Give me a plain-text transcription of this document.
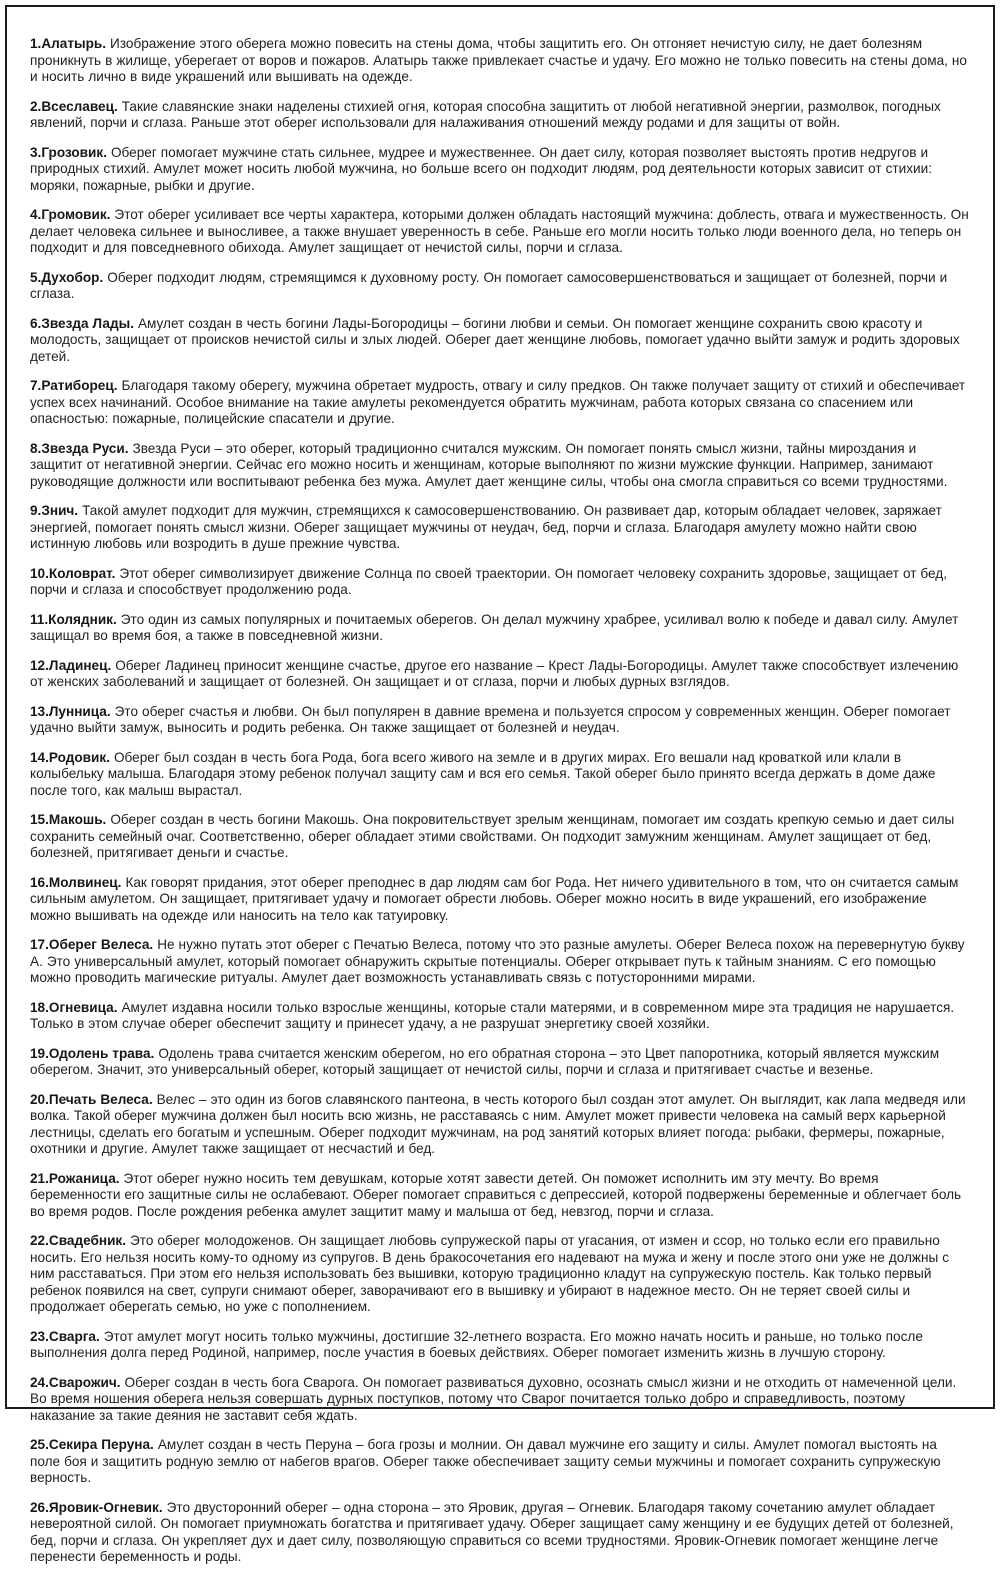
1.Алатырь. Изображение этого оберега можно повесить на стены дома, чтобы защитить его. Он отгоняет нечистую силу, не дает болезням проникнуть в жилище, уберегает от воров и пожаров. Алатырь также привлекает счастье и удачу. Его можно не только повесить на стены дома, но и носить лично в виде украшений или вышивать на одежде.

2.Всеславец. Такие славянские знаки наделены стихией огня, которая способна защитить от любой негативной энергии, размолвок, погодных явлений, порчи и сглаза. Раньше этот оберег использовали для налаживания отношений между родами и для защиты от войн.

3.Грозовик. Оберег помогает мужчине стать сильнее, мудрее и мужественнее. Он дает силу, которая позволяет выстоять против недругов и природных стихий. Амулет может носить любой мужчина, но больше всего он подходит людям, род деятельности которых зависит от стихии: моряки, пожарные, рыбки и другие.

4.Громовик. Этот оберег усиливает все черты характера, которыми должен обладать настоящий мужчина: доблесть, отвага и мужественность. Он делает человека сильнее и выносливее, а также внушает уверенность в себе. Раньше его могли носить только люди военного дела, но теперь он подходит и для повседневного обихода. Амулет защищает от нечистой силы, порчи и сглаза.

5.Духобор. Оберег подходит людям, стремящимся к духовному росту. Он помогает самосовершенствоваться и защищает от болезней, порчи и сглаза.

6.Звезда Лады. Амулет создан в честь богини Лады-Богородицы – богини любви и семьи. Он помогает женщине сохранить свою красоту и молодость, защищает от происков нечистой силы и злых людей. Оберег дает женщине любовь, помогает удачно выйти замуж и родить здоровых детей.

7.Ратиборец. Благодаря такому оберегу, мужчина обретает мудрость, отвагу и силу предков. Он также получает защиту от стихий и обеспечивает успех всех начинаний. Особое внимание на такие амулеты рекомендуется обратить мужчинам, работа которых связана со спасением или опасностью: пожарные, полицейские спасатели и другие.

8.Звезда Руси. Звезда Руси – это оберег, который традиционно считался мужским. Он помогает понять смысл жизни, тайны мироздания и защитит от негативной энергии. Сейчас его можно носить и женщинам, которые выполняют по жизни мужские функции. Например, занимают руководящие должности или воспитывают ребенка без мужа. Амулет дает женщине силы, чтобы она смогла справиться со всеми трудностями.

9.Знич. Такой амулет подходит для мужчин, стремящихся к самосовершенствованию. Он развивает дар, которым обладает человек, заряжает энергией, помогает понять смысл жизни. Оберег защищает мужчины от неудач, бед, порчи и сглаза. Благодаря амулету можно найти свою истинную любовь или возродить в душе прежние чувства.

10.Коловрат. Этот оберег символизирует движение Солнца по своей траектории. Он помогает человеку сохранить здоровье, защищает от бед, порчи и сглаза и способствует продолжению рода.

11.Колядник. Это один из самых популярных и почитаемых оберегов. Он делал мужчину храбрее, усиливал волю к победе и давал силу. Амулет защищал во время боя, а также в повседневной жизни.

12.Ладинец. Оберег Ладинец приносит женщине счастье, другое его название – Крест Лады-Богородицы. Амулет также способствует излечению от женских заболеваний и защищает от болезней. Он защищает и от сглаза, порчи и любых дурных взглядов.

13.Лунница. Это оберег счастья и любви. Он был популярен в давние времена и пользуется спросом у современных женщин. Оберег помогает удачно выйти замуж, выносить и родить ребенка. Он также защищает от болезней и неудач.

14.Родовик. Оберег был создан в честь бога Рода, бога всего живого на земле и в других мирах. Его вешали над кроваткой или клали в колыбельку малыша. Благодаря этому ребенок получал защиту сам и вся его семья. Такой оберег было принято всегда держать в доме даже после того, как малыш вырастал.

15.Макошь. Оберег создан в честь богини Макошь. Она покровительствует зрелым женщинам, помогает им создать крепкую семью и дает силы сохранить семейный очаг. Соответственно, оберег обладает этими свойствами. Он подходит замужним женщинам. Амулет защищает от бед, болезней, притягивает деньги и счастье.

16.Молвинец. Как говорят придания, этот оберег преподнес в дар людям сам бог Рода. Нет ничего удивительного в том, что он считается самым сильным амулетом. Он защищает, притягивает удачу и помогает обрести любовь. Оберег можно носить в виде украшений, его изображение можно вышивать на одежде или наносить на тело как татуировку.

17.Оберег Велеса. Не нужно путать этот оберег с Печатью Велеса, потому что это разные амулеты. Оберег Велеса похож на перевернутую букву А. Это универсальный амулет, который помогает обнаружить скрытые потенциалы. Оберег открывает путь к тайным знаниям. С его помощью можно проводить магические ритуалы. Амулет дает возможность устанавливать связь с потусторонними мирами.

18.Огневица. Амулет издавна носили только взрослые женщины, которые стали матерями, и в современном мире эта традиция не нарушается. Только в этом случае оберег обеспечит защиту и принесет удачу, а не разрушат энергетику своей хозяйки.

19.Одолень трава. Одолень трава считается женским оберегом, но его обратная сторона – это Цвет папоротника, который является мужским оберегом. Значит, это универсальный оберег, который защищает от нечистой силы, порчи и сглаза и притягивает счастье и везенье.

20.Печать Велеса. Велес – это один из богов славянского пантеона, в честь которого был создан этот амулет. Он выглядит, как лапа медведя или волка. Такой оберег мужчина должен был носить всю жизнь, не расставаясь с ним. Амулет может привести человека на самый верх карьерной лестницы, сделать его богатым и успешным. Оберег подходит мужчинам, на род занятий которых влияет погода: рыбаки, фермеры, пожарные, охотники и другие. Амулет также защищает от несчастий и бед.

21.Рожаница. Этот оберег нужно носить тем девушкам, которые хотят завести детей. Он поможет исполнить им эту мечту. Во время беременности его защитные силы не ослабевают. Оберег помогает справиться с депрессией, которой подвержены беременные и облегчает боль во время родов. После рождения ребенка амулет защитит маму и малыша от бед, невзгод, порчи и сглаза.

22.Свадебник. Это оберег молодоженов. Он защищает любовь супружеской пары от угасания, от измен и ссор, но только если его правильно носить. Его нельзя носить кому-то одному из супругов. В день бракосочетания его надевают на мужа и жену и после этого они уже не должны с ним расставаться. При этом его нельзя использовать без вышивки, которую традиционно кладут на супружескую постель. Как только первый ребенок появился на свет, супруги снимают оберег, заворачивают его в вышивку и убирают в надежное место. Он не теряет своей силы и продолжает оберегать семью, но уже с пополнением.

23.Сварга. Этот амулет могут носить только мужчины, достигшие 32-летнего возраста. Его можно начать носить и раньше, но только после выполнения долга перед Родиной, например, после участия в боевых действиях. Оберег помогает изменить жизнь в лучшую сторону.

24.Сварожич. Оберег создан в честь бога Сварога. Он помогает развиваться духовно, осознать смысл жизни и не отходить от намеченной цели. Во время ношения оберега нельзя совершать дурных поступков, потому что Сварог почитается только добро и справедливость, поэтому наказание за такие деяния не заставит себя ждать.

25.Секира Перуна. Амулет создан в честь Перуна – бога грозы и молнии. Он давал мужчине его защиту и силы. Амулет помогал выстоять на поле боя и защитить родную землю от набегов врагов. Оберег также обеспечивает защиту семьи мужчины и помогает сохранить супружескую верность.

26.Яровик-Огневик. Это двусторонний оберег – одна сторона – это Яровик, другая – Огневик. Благодаря такому сочетанию амулет обладает невероятной силой. Он помогает приумножать богатства и притягивает удачу. Оберег защищает саму женщину и ее будущих детей от болезней, бед, порчи и сглаза. Он укрепляет дух и дает силу, позволяющую справиться со всеми трудностями. Яровик-Огневик помогает женщине легче перенести беременность и роды.
